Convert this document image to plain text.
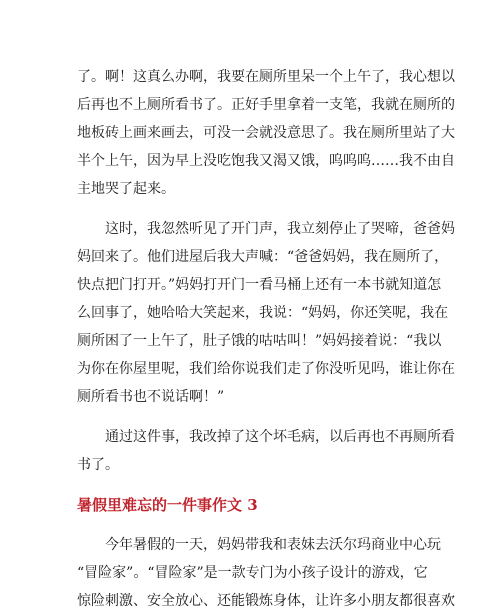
了。啊！这真么办啊，我要在厕所里呆一个上午了，我心想以
后再也不上厕所看书了。正好手里拿着一支笔，我就在厕所的
地板砖上画来画去，可没一会就没意思了。我在厕所里站了大
半个上午，因为早上没吃饱我又渴又饿，呜呜呜……我不由自
主地哭了起来。
这时，我忽然听见了开门声，我立刻停止了哭啼，爸爸妈
妈回来了。他们进屋后我大声喊：“爸爸妈妈，我在厕所了，
快点把门打开。”妈妈打开门一看马桶上还有一本书就知道怎
么回事了，她哈哈大笑起来，我说：“妈妈，你还笑呢，我在
厕所困了一上午了，肚子饿的咕咕叫！”妈妈接着说：“我以
为你在你屋里呢，我们给你说我们走了你没听见吗，谁让你在
厕所看书也不说话啊！”
通过这件事，我改掉了这个坏毛病，以后再也不再厕所看
书了。
暑假里难忘的一件事作文 3
今年暑假的一天，妈妈带我和表妹去沃尔玛商业中心玩
“冒险家”。“冒险家”是一款专门为小孩子设计的游戏，它
惊险刺激、安全放心、还能锻炼身体，让许多小朋友都很喜欢
